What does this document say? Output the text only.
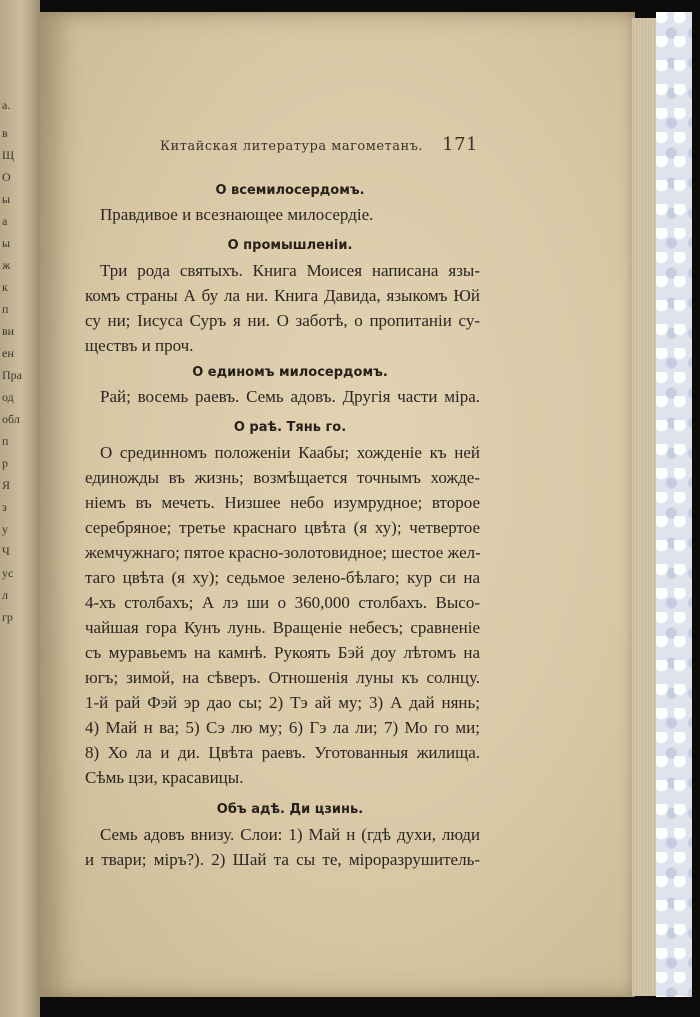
а.
в
Щ
О
ы
а
ы
ж
к
п
ви
ен
Пра
од
обл
п
р
Я
з
у
Ч
ус
л
гр
Китайская литература магометанъ. 171
О всемилосердомъ.
Правдивое и всезнающее милосердіе.
О промышленіи.
Три рода святыхъ. Книга Моисея написана язы-
комъ страны А бу ла ни. Книга Давида, языкомъ Юй
су ни; Іисуса Суръ я ни. О заботѣ, о пропитаніи су-
ществъ и проч.
О единомъ милосердомъ.
Рай; восемь раевъ. Семь адовъ. Другія части міра.
О раѣ. Тянь го.
О срединномъ положеніи Каабы; хожденіе къ ней
единожды въ жизнь; возмѣщается точнымъ хожде-
ніемъ въ мечеть. Низшее небо изумрудное; второе
серебряное; третье краснаго цвѣта (я ху); четвертое
жемчужнаго; пятое красно-золотовидное; шестое жел-
таго цвѣта (я ху); седьмое зелено-бѣлаго; кур си на
4-хъ столбахъ; А лэ ши о 360,000 столбахъ. Высо-
чайшая гора Кунъ лунь. Вращеніе небесъ; сравненіе
съ муравьемъ на камнѣ. Рукоять Бэй доу лѣтомъ на
югъ; зимой, на сѣверъ. Отношенія луны къ солнцу.
1-й рай Фэй эр дао сы; 2) Тэ ай му; 3) А дай нянь;
4) Май н ва; 5) Сэ лю му; 6) Гэ ла ли; 7) Мо го ми;
8) Хо ла и ди. Цвѣта раевъ. Уготованныя жилища.
Сѣмь цзи, красавицы.
Объ адѣ. Ди цзинь.
Семь адовъ внизу. Слои: 1) Май н (гдѣ духи, люди
и твари; міръ?). 2) Шай та сы те, міроразрушитель-
